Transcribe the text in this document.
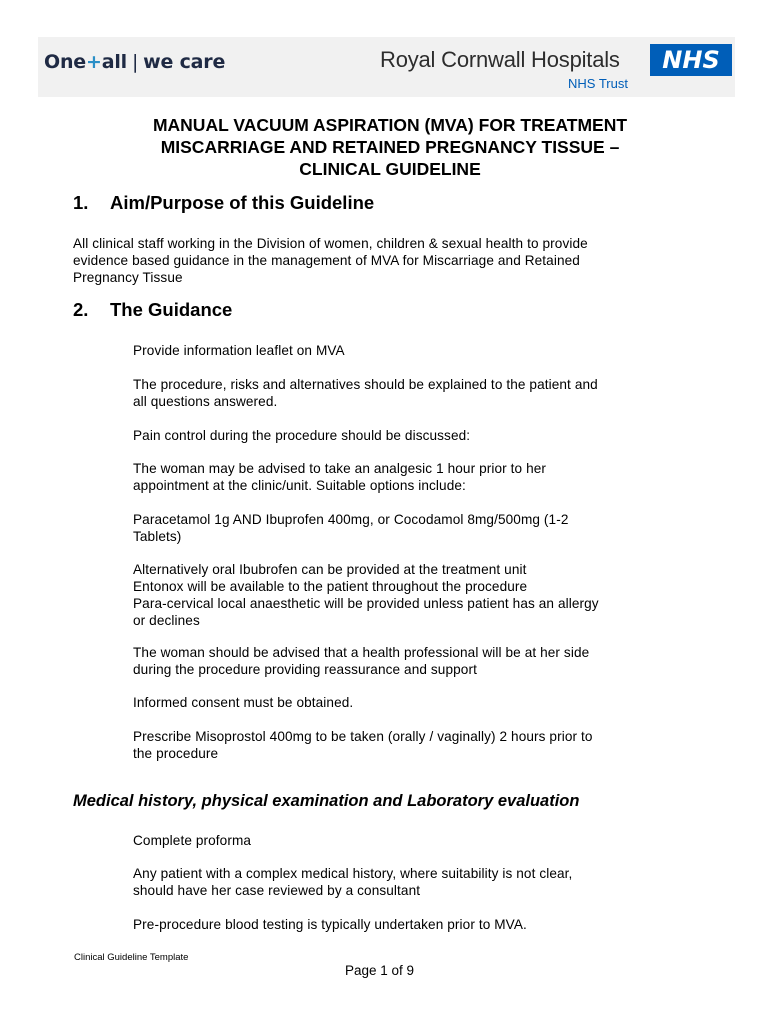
One+all | we care	Royal Cornwall Hospitals
NHS Trust
NHS
MANUAL VACUUM ASPIRATION (MVA) FOR TREATMENT
MISCARRIAGE AND RETAINED PREGNANCY TISSUE –
CLINICAL GUIDELINE
1. Aim/Purpose of this Guideline
All clinical staff working in the Division of women, children & sexual health to provide
evidence based guidance in the management of MVA for Miscarriage and Retained
Pregnancy Tissue
2. The Guidance
Provide information leaflet on MVA
The procedure, risks and alternatives should be explained to the patient and
all questions answered.
Pain control during the procedure should be discussed:
The woman may be advised to take an analgesic 1 hour prior to her
appointment at the clinic/unit. Suitable options include:
Paracetamol 1g AND Ibuprofen 400mg, or Cocodamol 8mg/500mg (1-2
Tablets)
Alternatively oral Ibubrofen can be provided at the treatment unit
Entonox will be available to the patient throughout the procedure
Para-cervical local anaesthetic will be provided unless patient has an allergy
or declines
The woman should be advised that a health professional will be at her side
during the procedure providing reassurance and support
Informed consent must be obtained.
Prescribe Misoprostol 400mg to be taken (orally / vaginally) 2 hours prior to
the procedure
Medical history, physical examination and Laboratory evaluation
Complete proforma
Any patient with a complex medical history, where suitability is not clear,
should have her case reviewed by a consultant
Pre-procedure blood testing is typically undertaken prior to MVA.
Clinical Guideline Template
Page 1 of 9
